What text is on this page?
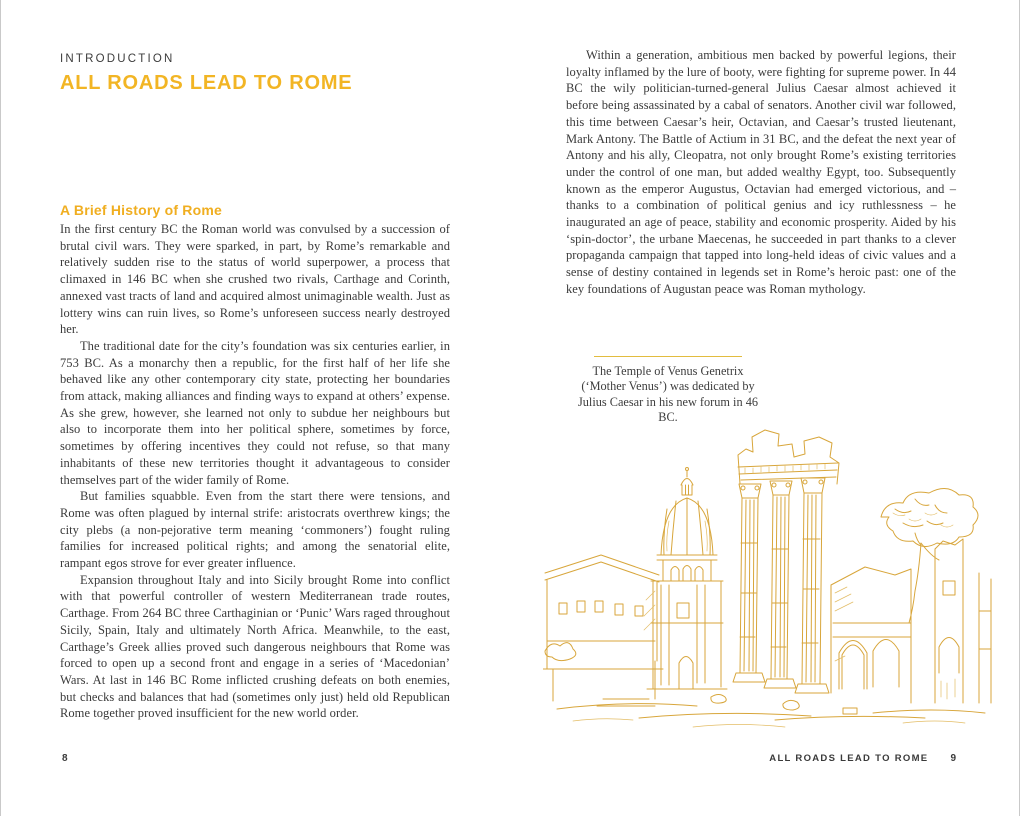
INTRODUCTION
ALL ROADS LEAD TO ROME
A Brief History of Rome

In the first century BC the Roman world was convulsed by a succession of brutal civil wars. They were sparked, in part, by Rome’s remarkable and relatively sudden rise to the status of world superpower, a process that climaxed in 146 BC when she crushed two rivals, Carthage and Corinth, annexed vast tracts of land and acquired almost unimaginable wealth. Just as lottery wins can ruin lives, so Rome’s unforeseen success nearly destroyed her.

The traditional date for the city’s foundation was six centuries earlier, in 753 BC. As a monarchy then a republic, for the first half of her life she behaved like any other contemporary city state, protecting her boundaries from attack, making alliances and finding ways to expand at others’ expense. As she grew, however, she learned not only to subdue her neighbours but also to incorporate them into her political sphere, sometimes by force, sometimes by offering incentives they could not refuse, so that many inhabitants of these new territories thought it advantageous to consider themselves part of the wider family of Rome.

But families squabble. Even from the start there were tensions, and Rome was often plagued by internal strife: aristocrats overthrew kings; the city plebs (a non-pejorative term meaning ‘commoners’) fought ruling families for increased political rights; and among the senatorial elite, rampant egos strove for ever greater influence.

Expansion throughout Italy and into Sicily brought Rome into conflict with that powerful controller of western Mediterranean trade routes, Carthage. From 264 BC three Carthaginian or ‘Punic’ Wars raged throughout Sicily, Spain, Italy and ultimately North Africa. Meanwhile, to the east, Carthage’s Greek allies proved such dangerous neighbours that Rome was forced to open up a second front and engage in a series of ‘Macedonian’ Wars. At last in 146 BC Rome inflicted crushing defeats on both enemies, but checks and balances that had (sometimes only just) held old Republican Rome together proved insufficient for the new world order.

8

Within a generation, ambitious men backed by powerful legions, their loyalty inflamed by the lure of booty, were fighting for supreme power. In 44 BC the wily politician-turned-general Julius Caesar almost achieved it before being assassinated by a cabal of senators. Another civil war followed, this time between Caesar’s heir, Octavian, and Caesar’s trusted lieutenant, Mark Antony. The Battle of Actium in 31 BC, and the defeat the next year of Antony and his ally, Cleopatra, not only brought Rome’s existing territories under the control of one man, but added wealthy Egypt, too. Subsequently known as the emperor Augustus, Octavian had emerged victorious, and – thanks to a combination of political genius and icy ruthlessness – he inaugurated an age of peace, stability and economic prosperity. Aided by his ‘spin-doctor’, the urbane Maecenas, he succeeded in part thanks to a clever propaganda campaign that tapped into long-held ideas of civic values and a sense of destiny contained in legends set in Rome’s heroic past: one of the key foundations of Augustan peace was Roman mythology.

The Temple of Venus Genetrix (‘Mother Venus’) was dedicated by Julius Caesar in his new forum in 46 BC.
ALL ROADS LEAD TO ROME 9
